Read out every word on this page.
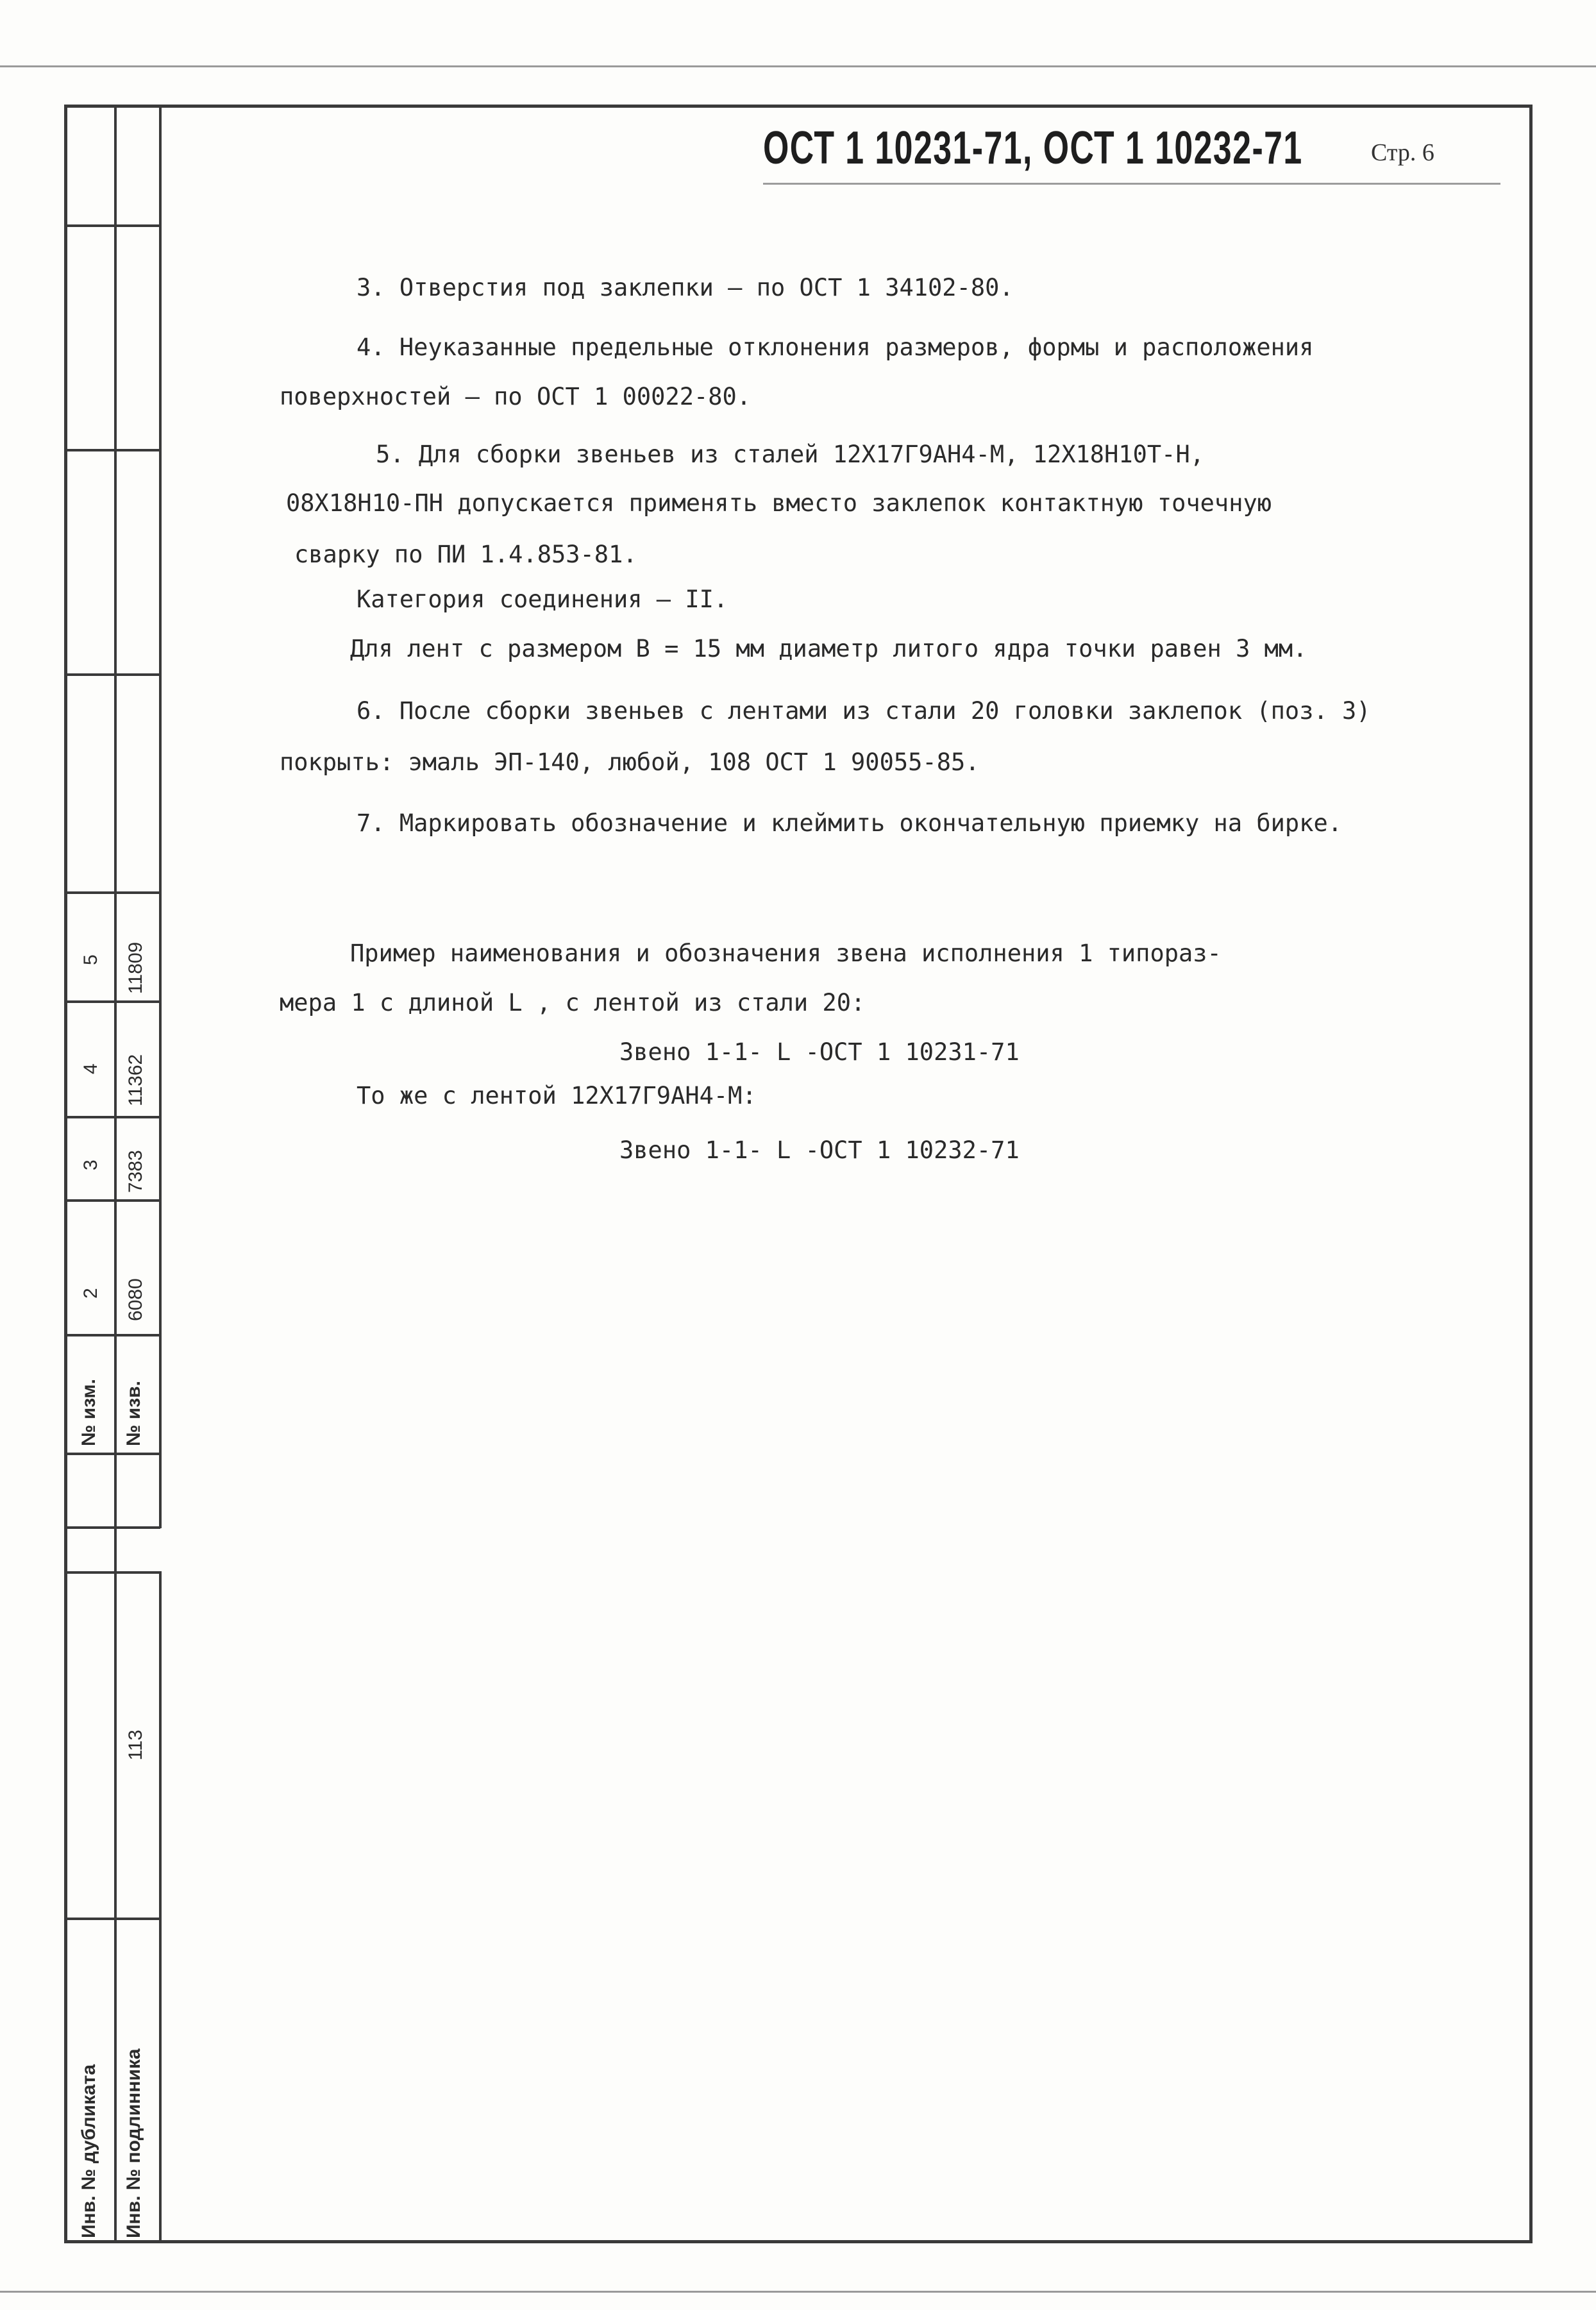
ОСТ 1 10231-71, ОСТ 1 10232-71	Стр. 6
3. Отверстия под заклепки – по ОСТ 1 34102-80.
4. Неуказанные предельные отклонения размеров, формы и расположения
поверхностей – по ОСТ 1 00022-80.
5. Для сборки звеньев из сталей 12Х17Г9АН4-М, 12Х18Н10Т-Н,
08Х18Н10-ПН допускается применять вместо заклепок контактную точечную
сварку по ПИ 1.4.853-81.
Категория соединения – II.
Для лент с размером В = 15 мм диаметр литого ядра точки равен 3 мм.
6. После сборки звеньев с лентами из стали 20 головки заклепок (поз. 3)
покрыть: эмаль ЭП-140, любой, 108 ОСТ 1 90055-85.
7. Маркировать обозначение и клеймить окончательную приемку на бирке.
Пример наименования и обозначения звена исполнения 1 типораз-
мера 1 с длиной L , с лентой из стали 20:
Звено 1-1- L -ОСТ 1 10231-71
То же с лентой 12Х17Г9АН4-М:
Звено 1-1- L -ОСТ 1 10232-71
2
3
4
5
6080
7383
11362
11809
№ изм. № изв.
Инв. № дубликата Инв. № подлинника
113
